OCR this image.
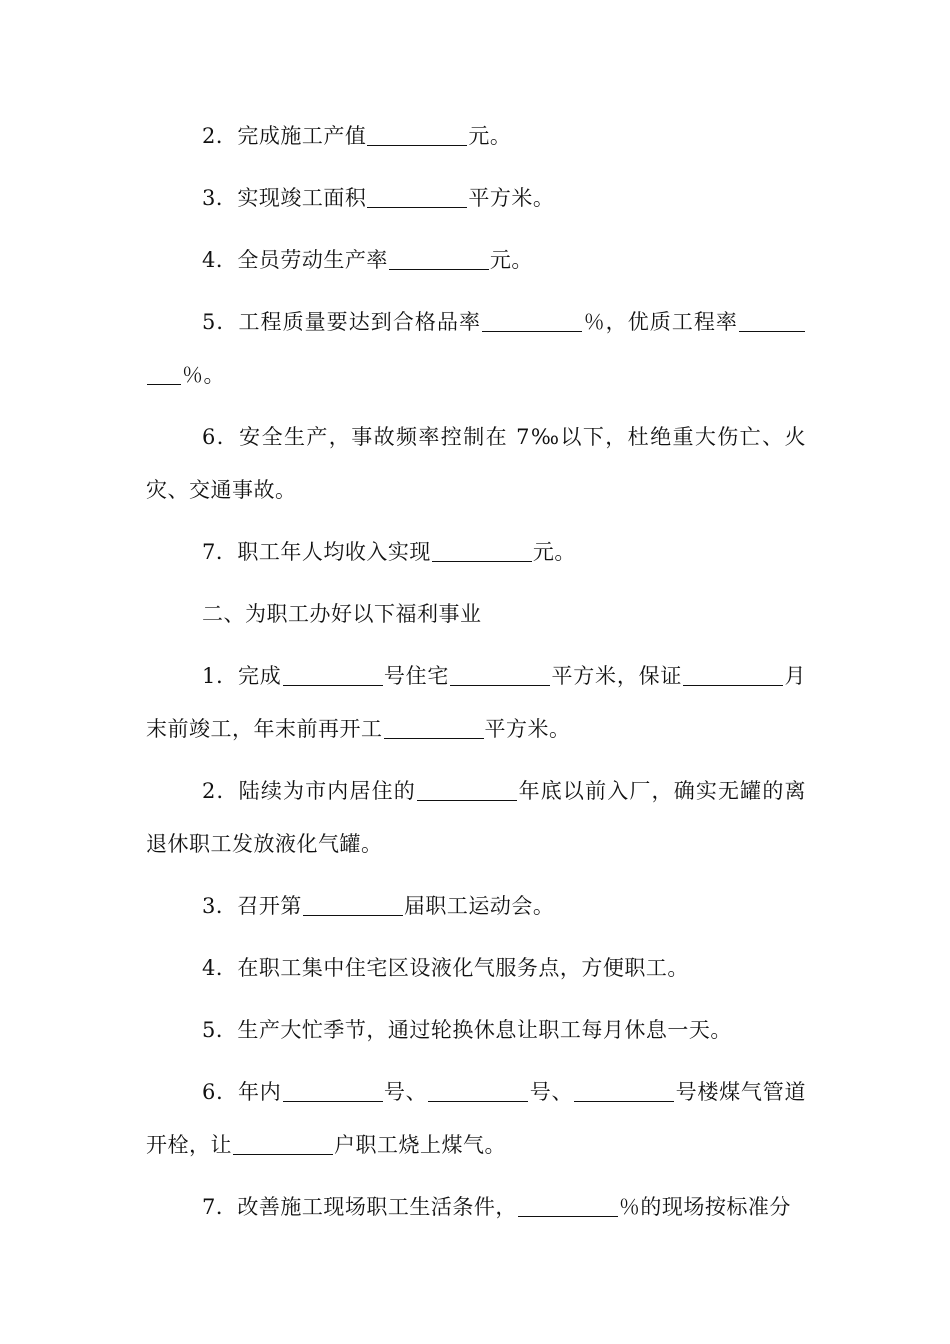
2．完成施工产值	元。

3．实现竣工面积	平方米。

4．全员劳动生产率	元。

5．工程质量要达到合格品率	％，优质工程率％。

6．安全生产，事故频率控制在 7‰以下，杜绝重大伤亡、火灾、交通事故。

7．职工年人均收入实现	元。

二、为职工办好以下福利事业

1．完成	号住宅	平方米，保证	月末前竣工，年末前再开工	平方米。

2．陆续为市内居住的	年底以前入厂，确实无罐的离退休职工发放液化气罐。

3．召开第	届职工运动会。

4．在职工集中住宅区设液化气服务点，方便职工。

5．生产大忙季节，通过轮换休息让职工每月休息一天。

6．年内	号、	号、	号楼煤气管道开栓，让	户职工烧上煤气。

7．改善施工现场职工生活条件，	％的现场按标准分
